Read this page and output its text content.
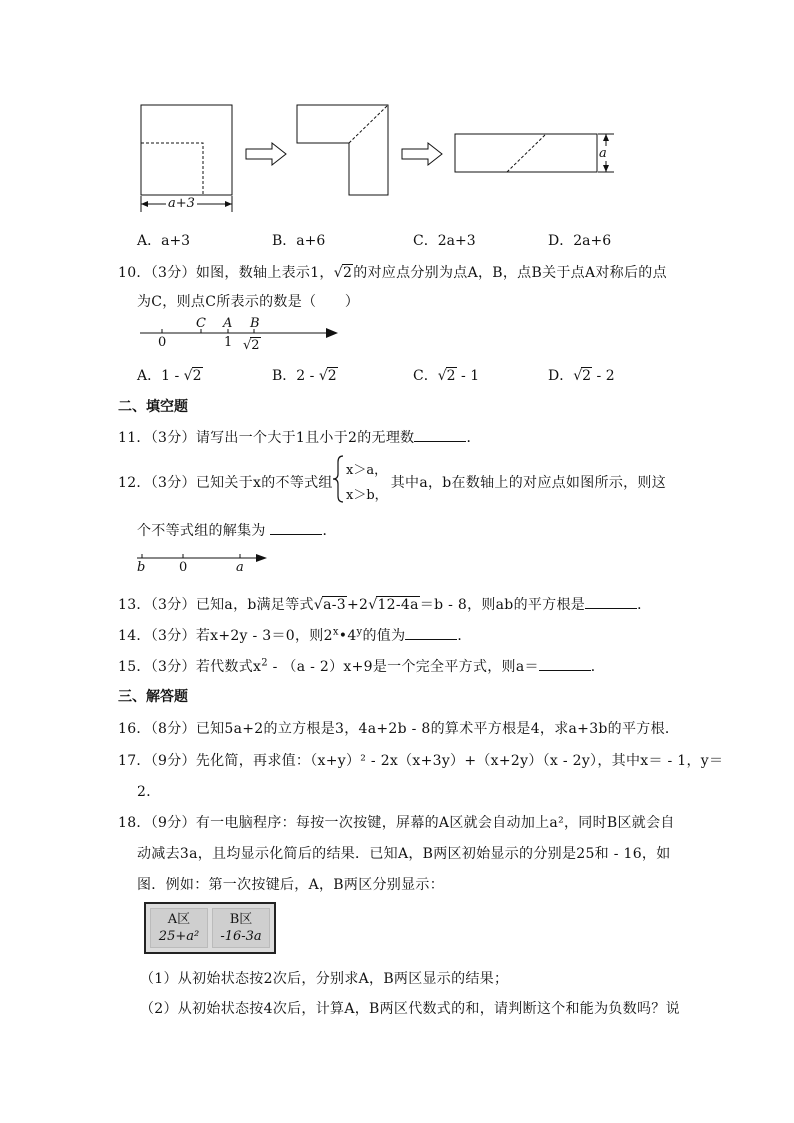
a+3
a
A．a+3	B．a+6	C．2a+3	D．2a+6
10．（3分）如图，数轴上表示1，√2的对应点分别为点A，B，点B关于点A对称后的点
为C，则点C所表示的数是（　　）
C A B
0	1 √2
A．1 - √2	B．2 - √2	C．√2 - 1	D．√2 - 2
二、填空题
11．（3分）请写出一个大于1且小于2的无理数	．
12．（3分）已知关于x的不等式组	其中a，b在数轴上的对应点如图所示，则这
x＞a，
x＞b，
个不等式组的解集为	．
b	0	a
13．（3分）已知a，b满足等式√a-3+2√12-4a＝b - 8，则ab的平方根是	．
14．（3分）若x+2y - 3＝0，则2$^x$•4$^y$的值为	．
15．（3分）若代数式$x^2 - (a - 2)x+9$是一个完全平方式，则a＝	．
三、解答题
16．（8分）已知5a+2的立方根是3，4a+2b - 8的算术平方根是4，求a+3b的平方根．
17．（9分）先化简，再求值：（x+y）² - 2x（x+3y）+（x+2y）（x - 2y），其中x＝ - 1，y＝
2．
18．（9分）有一电脑程序：每按一次按键，屏幕的A区就会自动加上a²，同时B区就会自
动减去3a，且均显示化简后的结果．已知A，B两区初始显示的分别是25和 - 16，如
图．例如：第一次按键后，A，B两区分别显示：
A区
25+a²
B区
-16-3a
（1）从初始状态按2次后，分别求A，B两区显示的结果；
（2）从初始状态按4次后，计算A，B两区代数式的和，请判断这个和能为负数吗？说
